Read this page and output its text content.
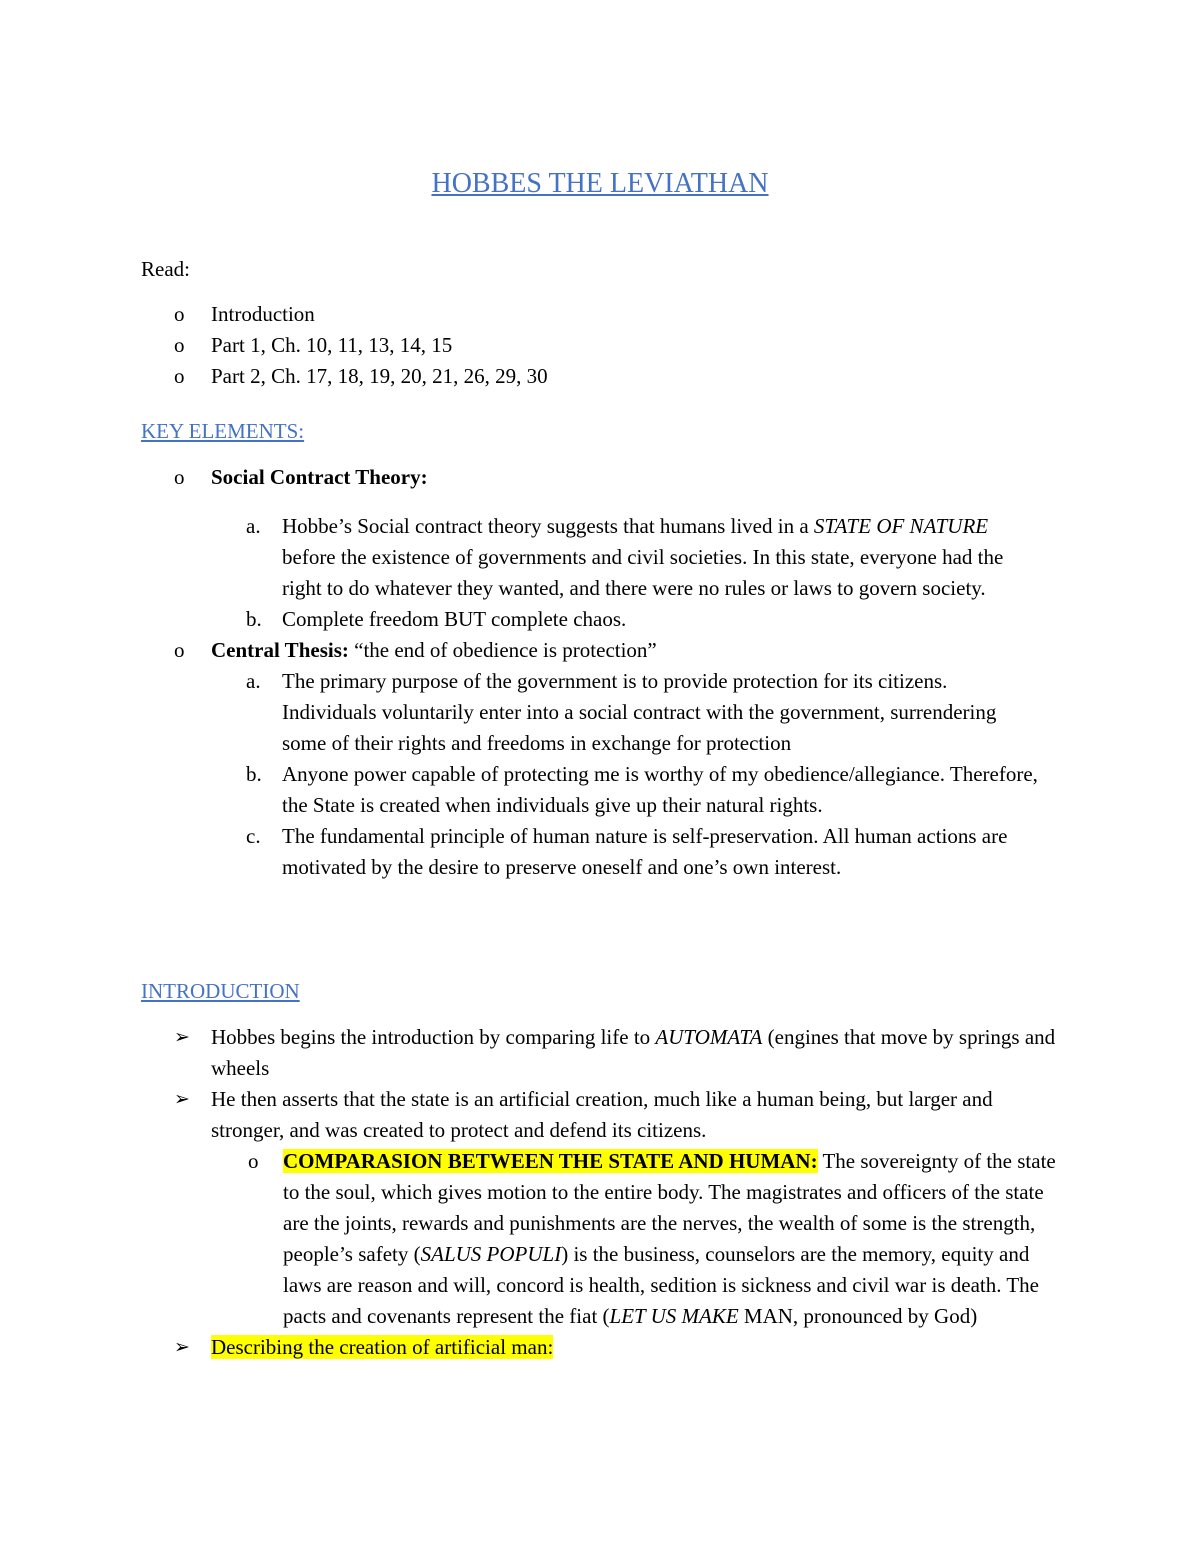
HOBBES THE LEVIATHAN
Read:
o Introduction
o Part 1, Ch. 10, 11, 13, 14, 15
o Part 2, Ch. 17, 18, 19, 20, 21, 26, 29, 30
KEY ELEMENTS:
o Social Contract Theory:
a. Hobbe’s Social contract theory suggests that humans lived in a STATE OF NATURE before the existence of governments and civil societies. In this state, everyone had the right to do whatever they wanted, and there were no rules or laws to govern society.
b. Complete freedom BUT complete chaos.
o Central Thesis: “the end of obedience is protection”
a. The primary purpose of the government is to provide protection for its citizens. Individuals voluntarily enter into a social contract with the government, surrendering some of their rights and freedoms in exchange for protection
b. Anyone power capable of protecting me is worthy of my obedience/allegiance. Therefore, the State is created when individuals give up their natural rights.
c. The fundamental principle of human nature is self-preservation. All human actions are motivated by the desire to preserve oneself and one’s own interest.
INTRODUCTION
➢ Hobbes begins the introduction by comparing life to AUTOMATA (engines that move by springs and wheels
➢ He then asserts that the state is an artificial creation, much like a human being, but larger and stronger, and was created to protect and defend its citizens.
o COMPARASION BETWEEN THE STATE AND HUMAN: The sovereignty of the state to the soul, which gives motion to the entire body. The magistrates and officers of the state are the joints, rewards and punishments are the nerves, the wealth of some is the strength, people’s safety (SALUS POPULI) is the business, counselors are the memory, equity and laws are reason and will, concord is health, sedition is sickness and civil war is death. The pacts and covenants represent the fiat (LET US MAKE MAN, pronounced by God)
➢ Describing the creation of artificial man:
